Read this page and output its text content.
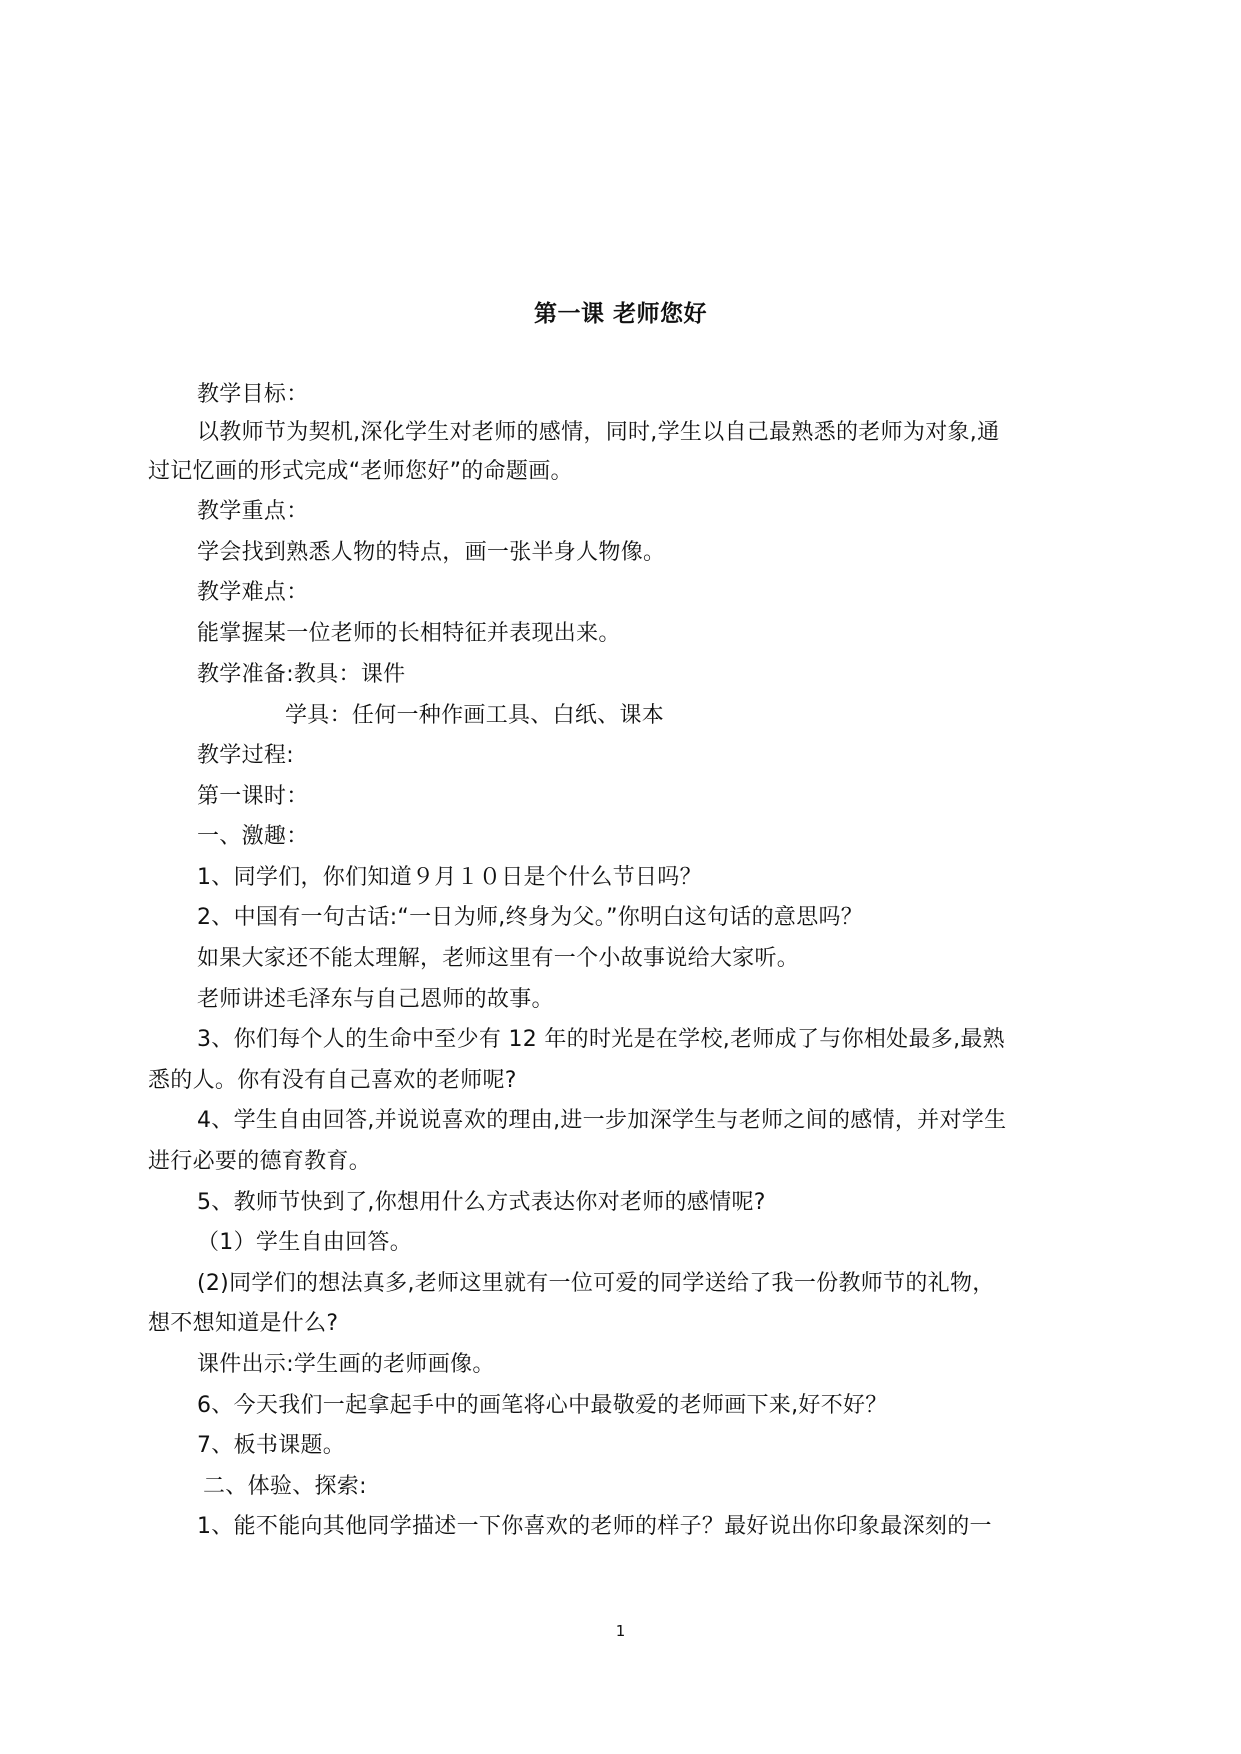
第一课 老师您好
教学目标：
以教师节为契机,深化学生对老师的感情，同时,学生以自己最熟悉的老师为对象,通
过记忆画的形式完成“老师您好”的命题画。
教学重点：
学会找到熟悉人物的特点，画一张半身人物像。
教学难点：
能掌握某一位老师的长相特征并表现出来。
教学准备:教具：课件
学具：任何一种作画工具、白纸、课本
教学过程:
第一课时：
一、激趣：
1、同学们，你们知道９月１０日是个什么节日吗？
2、中国有一句古话:“一日为师,终身为父。”你明白这句话的意思吗？
如果大家还不能太理解，老师这里有一个小故事说给大家听。
老师讲述毛泽东与自己恩师的故事。
3、你们每个人的生命中至少有 12 年的时光是在学校,老师成了与你相处最多,最熟
悉的人。你有没有自己喜欢的老师呢?
4、学生自由回答,并说说喜欢的理由,进一步加深学生与老师之间的感情，并对学生
进行必要的德育教育。
5、教师节快到了,你想用什么方式表达你对老师的感情呢?
（1）学生自由回答。
(2)同学们的想法真多,老师这里就有一位可爱的同学送给了我一份教师节的礼物，
想不想知道是什么?
课件出示:学生画的老师画像。
6、今天我们一起拿起手中的画笔将心中最敬爱的老师画下来,好不好？
7、板书课题。
二、体验、探索:
1、能不能向其他同学描述一下你喜欢的老师的样子？最好说出你印象最深刻的一
1
